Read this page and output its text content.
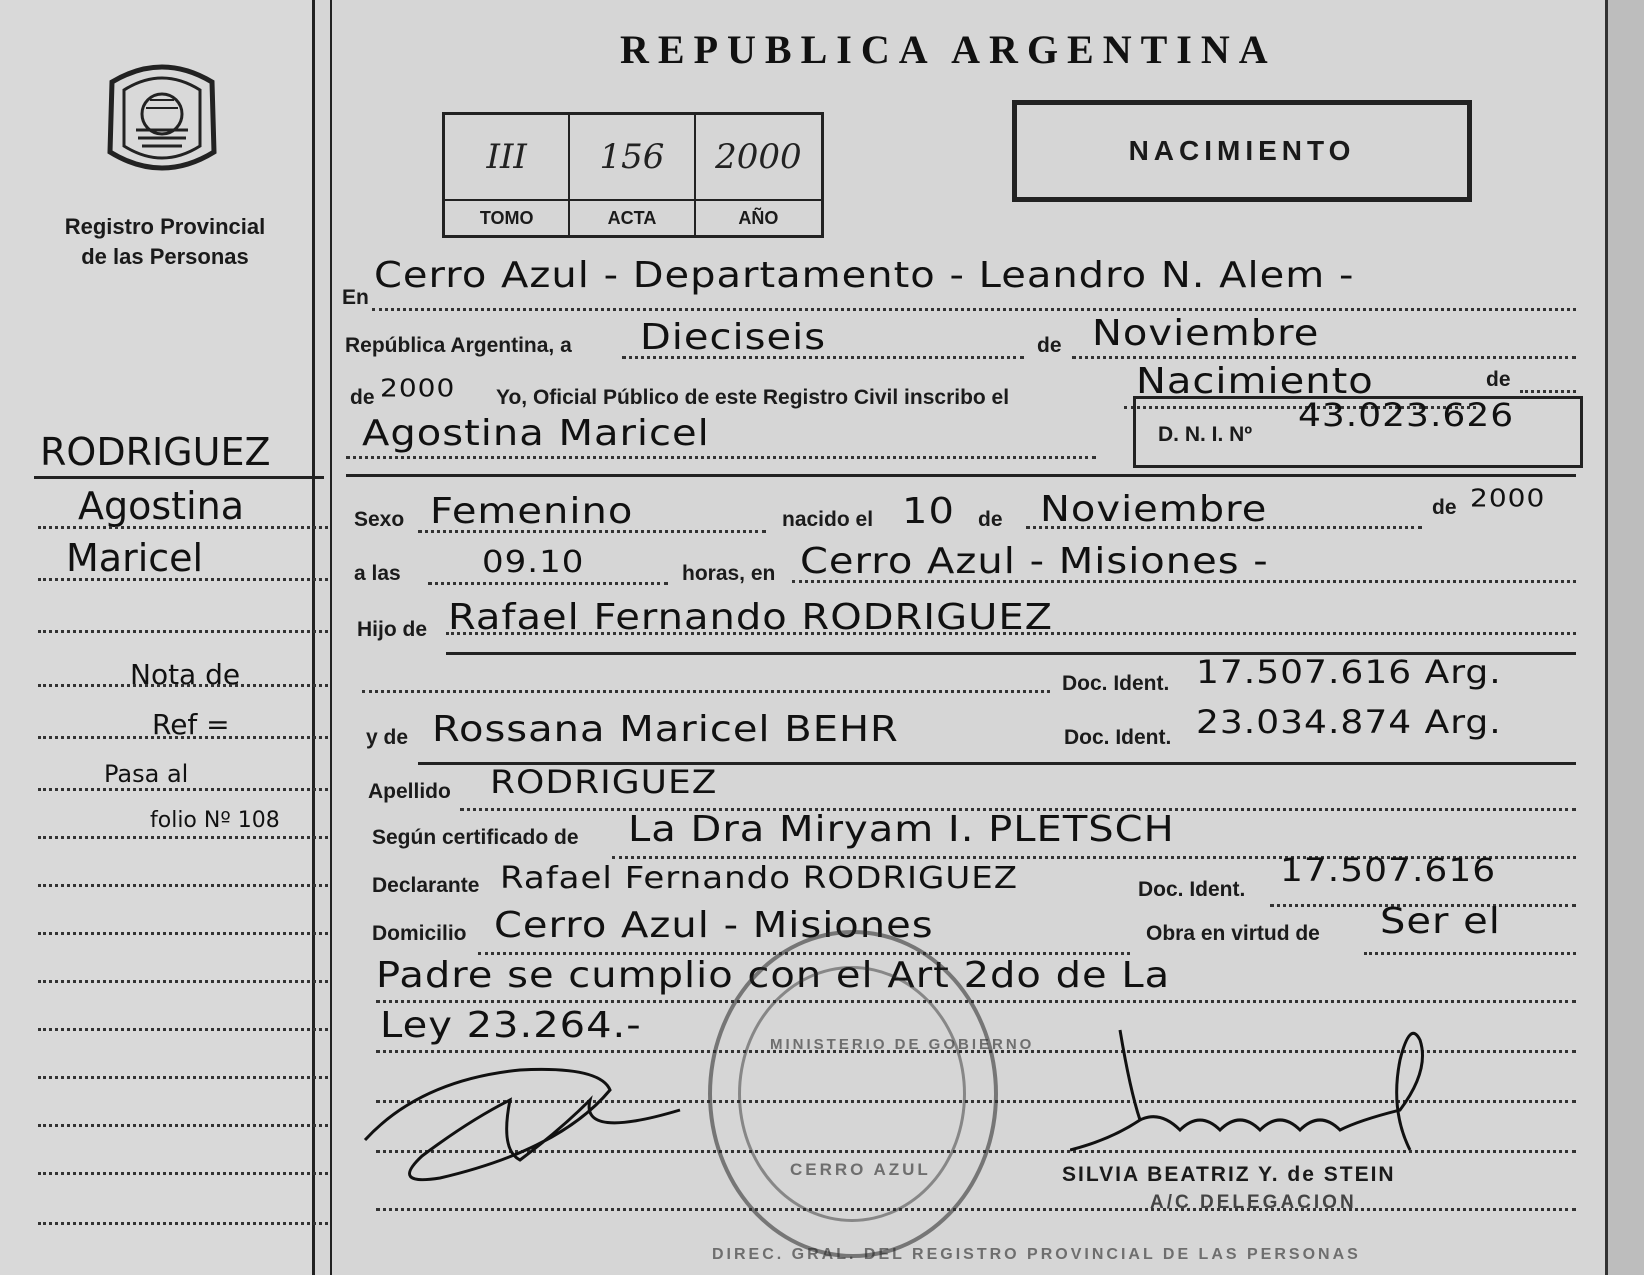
Registro Provincial
de las Personas
REPUBLICA ARGENTINA
III 156 2000
TOMO	ACTA	AÑO
NACIMIENTO
En
Cerro Azul - Departamento - Leandro N. Alem -
República Argentina, a Dieciseis	de Noviembre
de 2000 Yo, Oficial Público de este Registro Civil inscribo el	Nacimiento	de
Agostina Maricel	D. N. I. Nº
43.023.626
Sexo Femenino	nacido el 10 de Noviembre	de 2000
a las 09.10	horas, en Cerro Azul - Misiones -
Hijo de Rafael Fernando RODRIGUEZ
Doc. Ident. 17.507.616 Arg.
y de Rossana Maricel BEHR	Doc. Ident. 23.034.874 Arg.
Apellido RODRIGUEZ
Según certificado de La Dra Miryam I. PLETSCH
Declarante Rafael Fernando RODRIGUEZ	Doc. Ident.
17.507.616
Domicilio Cerro Azul - Misiones	Obra en virtud de Ser el
Padre se cumplio con el Art 2do de La
Ley 23.264.-
RODRIGUEZ
Agostina
Maricel
Nota de
Ref =
Pasa al
folio Nº 108
DIREC. GRAL. DEL REGISTRO PROVINCIAL DE LAS PERSONAS
MINISTERIO DE GOBIERNO
CERRO AZUL	SILVIA BEATRIZ Y. de STEIN
A/C DELEGACION
